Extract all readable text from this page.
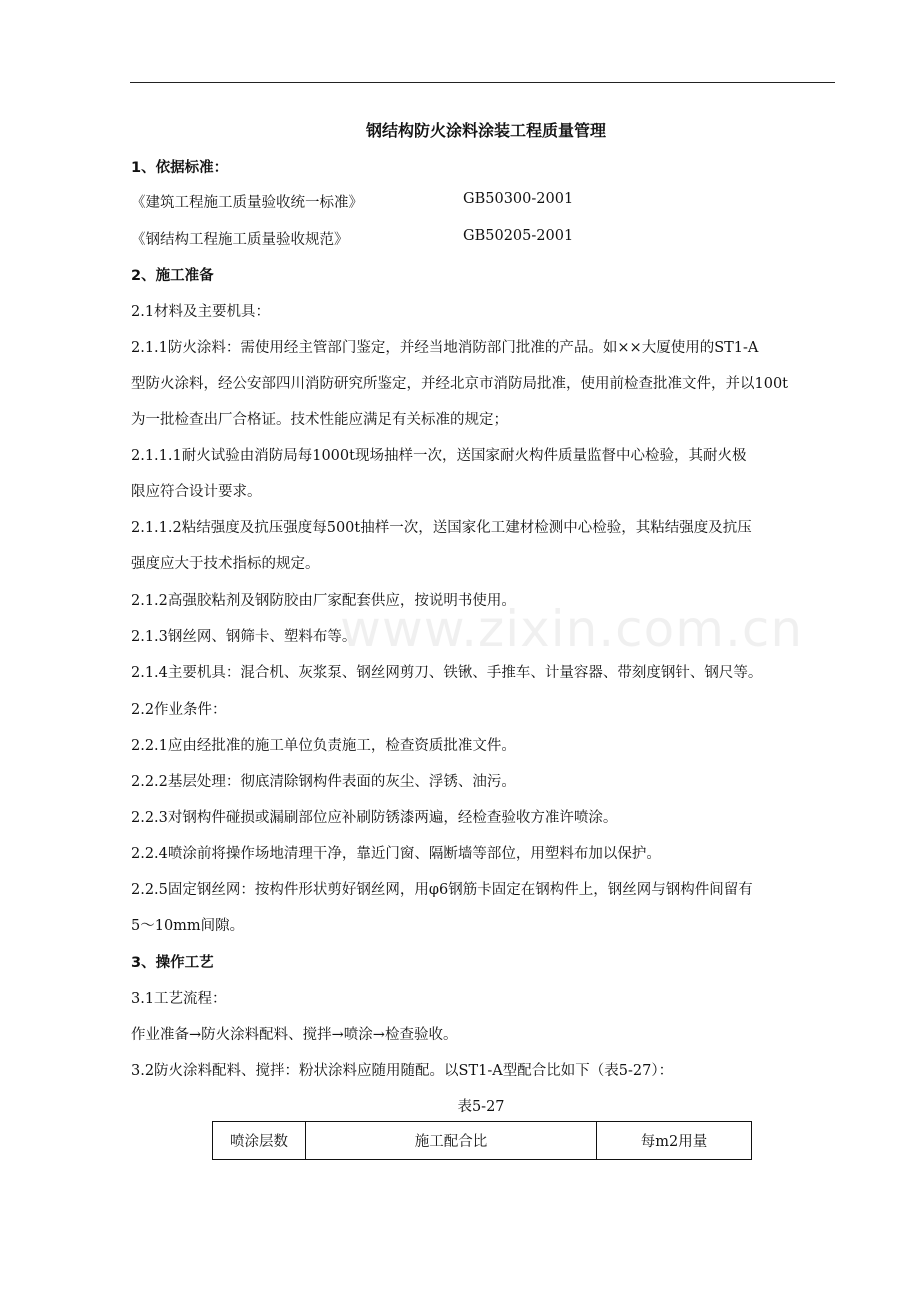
www.zixin.com.cn
钢结构防火涂料涂装工程质量管理
1、依据标准：
《建筑工程施工质量验收统一标准》	GB50300-2001
《钢结构工程施工质量验收规范》	GB50205-2001
2、施工准备
2.1材料及主要机具：
2.1.1防火涂料：需使用经主管部门鉴定，并经当地消防部门批准的产品。如××大厦使用的ST1-A
型防火涂料，经公安部四川消防研究所鉴定，并经北京市消防局批准，使用前检查批准文件，并以100t
为一批检查出厂合格证。技术性能应满足有关标准的规定；
2.1.1.1耐火试验由消防局每1000t现场抽样一次，送国家耐火构件质量监督中心检验，其耐火极
限应符合设计要求。
2.1.1.2粘结强度及抗压强度每500t抽样一次，送国家化工建材检测中心检验，其粘结强度及抗压
强度应大于技术指标的规定。
2.1.2高强胶粘剂及钢防胶由厂家配套供应，按说明书使用。
2.1.3钢丝网、钢筛卡、塑料布等。
2.1.4主要机具：混合机、灰浆泵、钢丝网剪刀、铁锹、手推车、计量容器、带刻度钢针、钢尺等。
2.2作业条件：
2.2.1应由经批准的施工单位负责施工，检查资质批准文件。
2.2.2基层处理：彻底清除钢构件表面的灰尘、浮锈、油污。
2.2.3对钢构件碰损或漏刷部位应补刷防锈漆两遍，经检查验收方准许喷涂。
2.2.4喷涂前将操作场地清理干净，靠近门窗、隔断墙等部位，用塑料布加以保护。
2.2.5固定钢丝网：按构件形状剪好钢丝网，用φ6钢筋卡固定在钢构件上，钢丝网与钢构件间留有
5～10mm间隙。
3、操作工艺
3.1工艺流程：
作业准备→防火涂料配料、搅拌→喷涂→检查验收。
3.2防火涂料配料、搅拌：粉状涂料应随用随配。以ST1-A型配合比如下（表5-27）：
表5-27
喷涂层数	施工配合比	每m2用量
